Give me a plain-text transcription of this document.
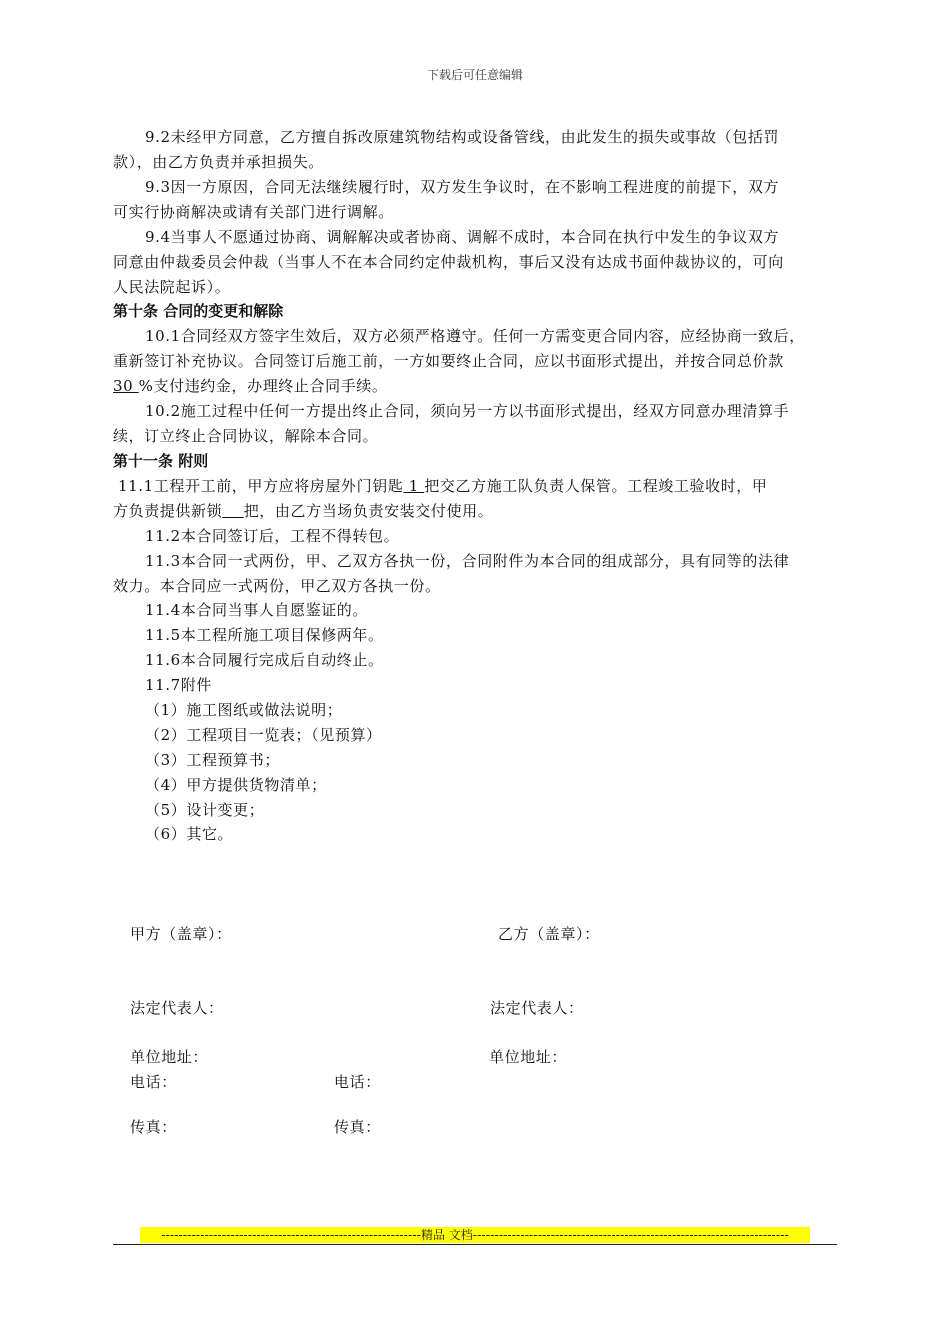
下载后可任意编辑
9.2未经甲方同意，乙方擅自拆改原建筑物结构或设备管线，由此发生的损失或事故（包括罚
款），由乙方负责并承担损失。
9.3因一方原因，合同无法继续履行时，双方发生争议时，在不影响工程进度的前提下，双方
可实行协商解决或请有关部门进行调解。
9.4当事人不愿通过协商、调解解决或者协商、调解不成时，本合同在执行中发生的争议双方
同意由仲裁委员会仲裁（当事人不在本合同约定仲裁机构，事后又没有达成书面仲裁协议的，可向
人民法院起诉）。
第十条 合同的变更和解除
10.1合同经双方签字生效后，双方必须严格遵守。任何一方需变更合同内容，应经协商一致后，
重新签订补充协议。合同签订后施工前，一方如要终止合同，应以书面形式提出，并按合同总价款
30 %支付违约金，办理终止合同手续。
10.2施工过程中任何一方提出终止合同，须向另一方以书面形式提出，经双方同意办理清算手
续，订立终止合同协议，解除本合同。
第十一条 附则
11.1工程开工前，甲方应将房屋外门钥匙 1 把交乙方施工队负责人保管。工程竣工验收时，甲
方负责提供新锁 把，由乙方当场负责安装交付使用。
11.2本合同签订后，工程不得转包。
11.3本合同一式两份，甲、乙双方各执一份，合同附件为本合同的组成部分，具有同等的法律
效力。本合同应一式两份，甲乙双方各执一份。
11.4本合同当事人自愿鉴证的。
11.5本工程所施工项目保修两年。
11.6本合同履行完成后自动终止。
11.7附件
（1）施工图纸或做法说明；
（2）工程项目一览表；（见预算）
（3）工程预算书；
（4）甲方提供货物清单；
（5）设计变更；
（6）其它。
甲方（盖章）：	乙方（盖章）：
法定代表人：	法定代表人：
单位地址：	单位地址：
电话：	电话：
传真：	传真：
------------------------------------------------------------精品 文档-------------------------------------------------------------------------
